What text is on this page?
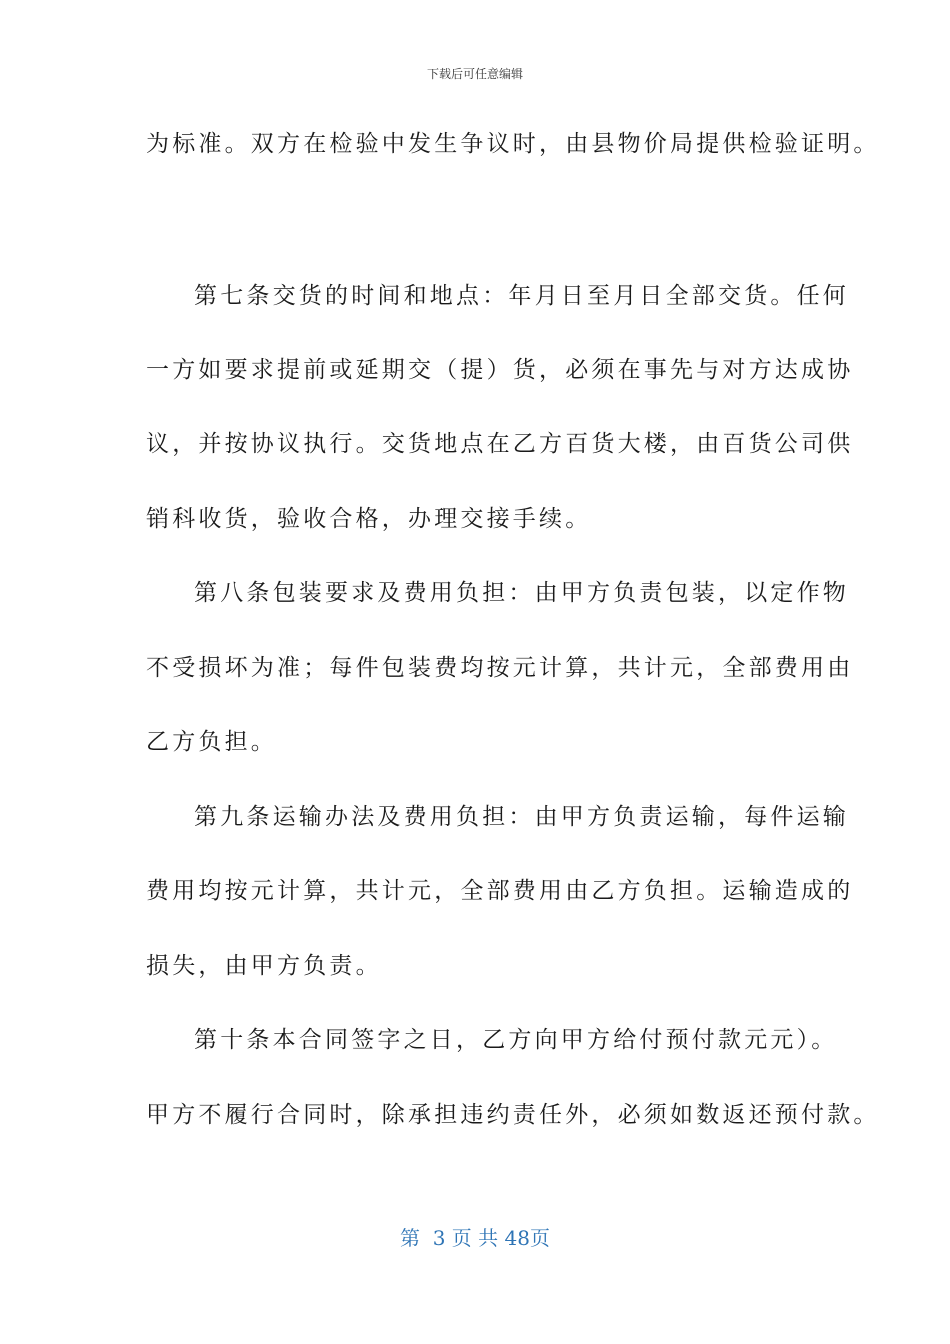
下载后可任意编辑
为标准。双方在检验中发生争议时，由县物价局提供检验证明。
第七条交货的时间和地点：年月日至月日全部交货。任何
一方如要求提前或延期交（提）货，必须在事先与对方达成协
议，并按协议执行。交货地点在乙方百货大楼，由百货公司供
销科收货，验收合格，办理交接手续。
第八条包装要求及费用负担：由甲方负责包装，以定作物
不受损坏为准；每件包装费均按元计算，共计元，全部费用由
乙方负担。
第九条运输办法及费用负担：由甲方负责运输，每件运输
费用均按元计算，共计元，全部费用由乙方负担。运输造成的
损失，由甲方负责。
第十条本合同签字之日，乙方向甲方给付预付款元元）。
甲方不履行合同时，除承担违约责任外，必须如数返还预付款。
第  3 页 共 48页
